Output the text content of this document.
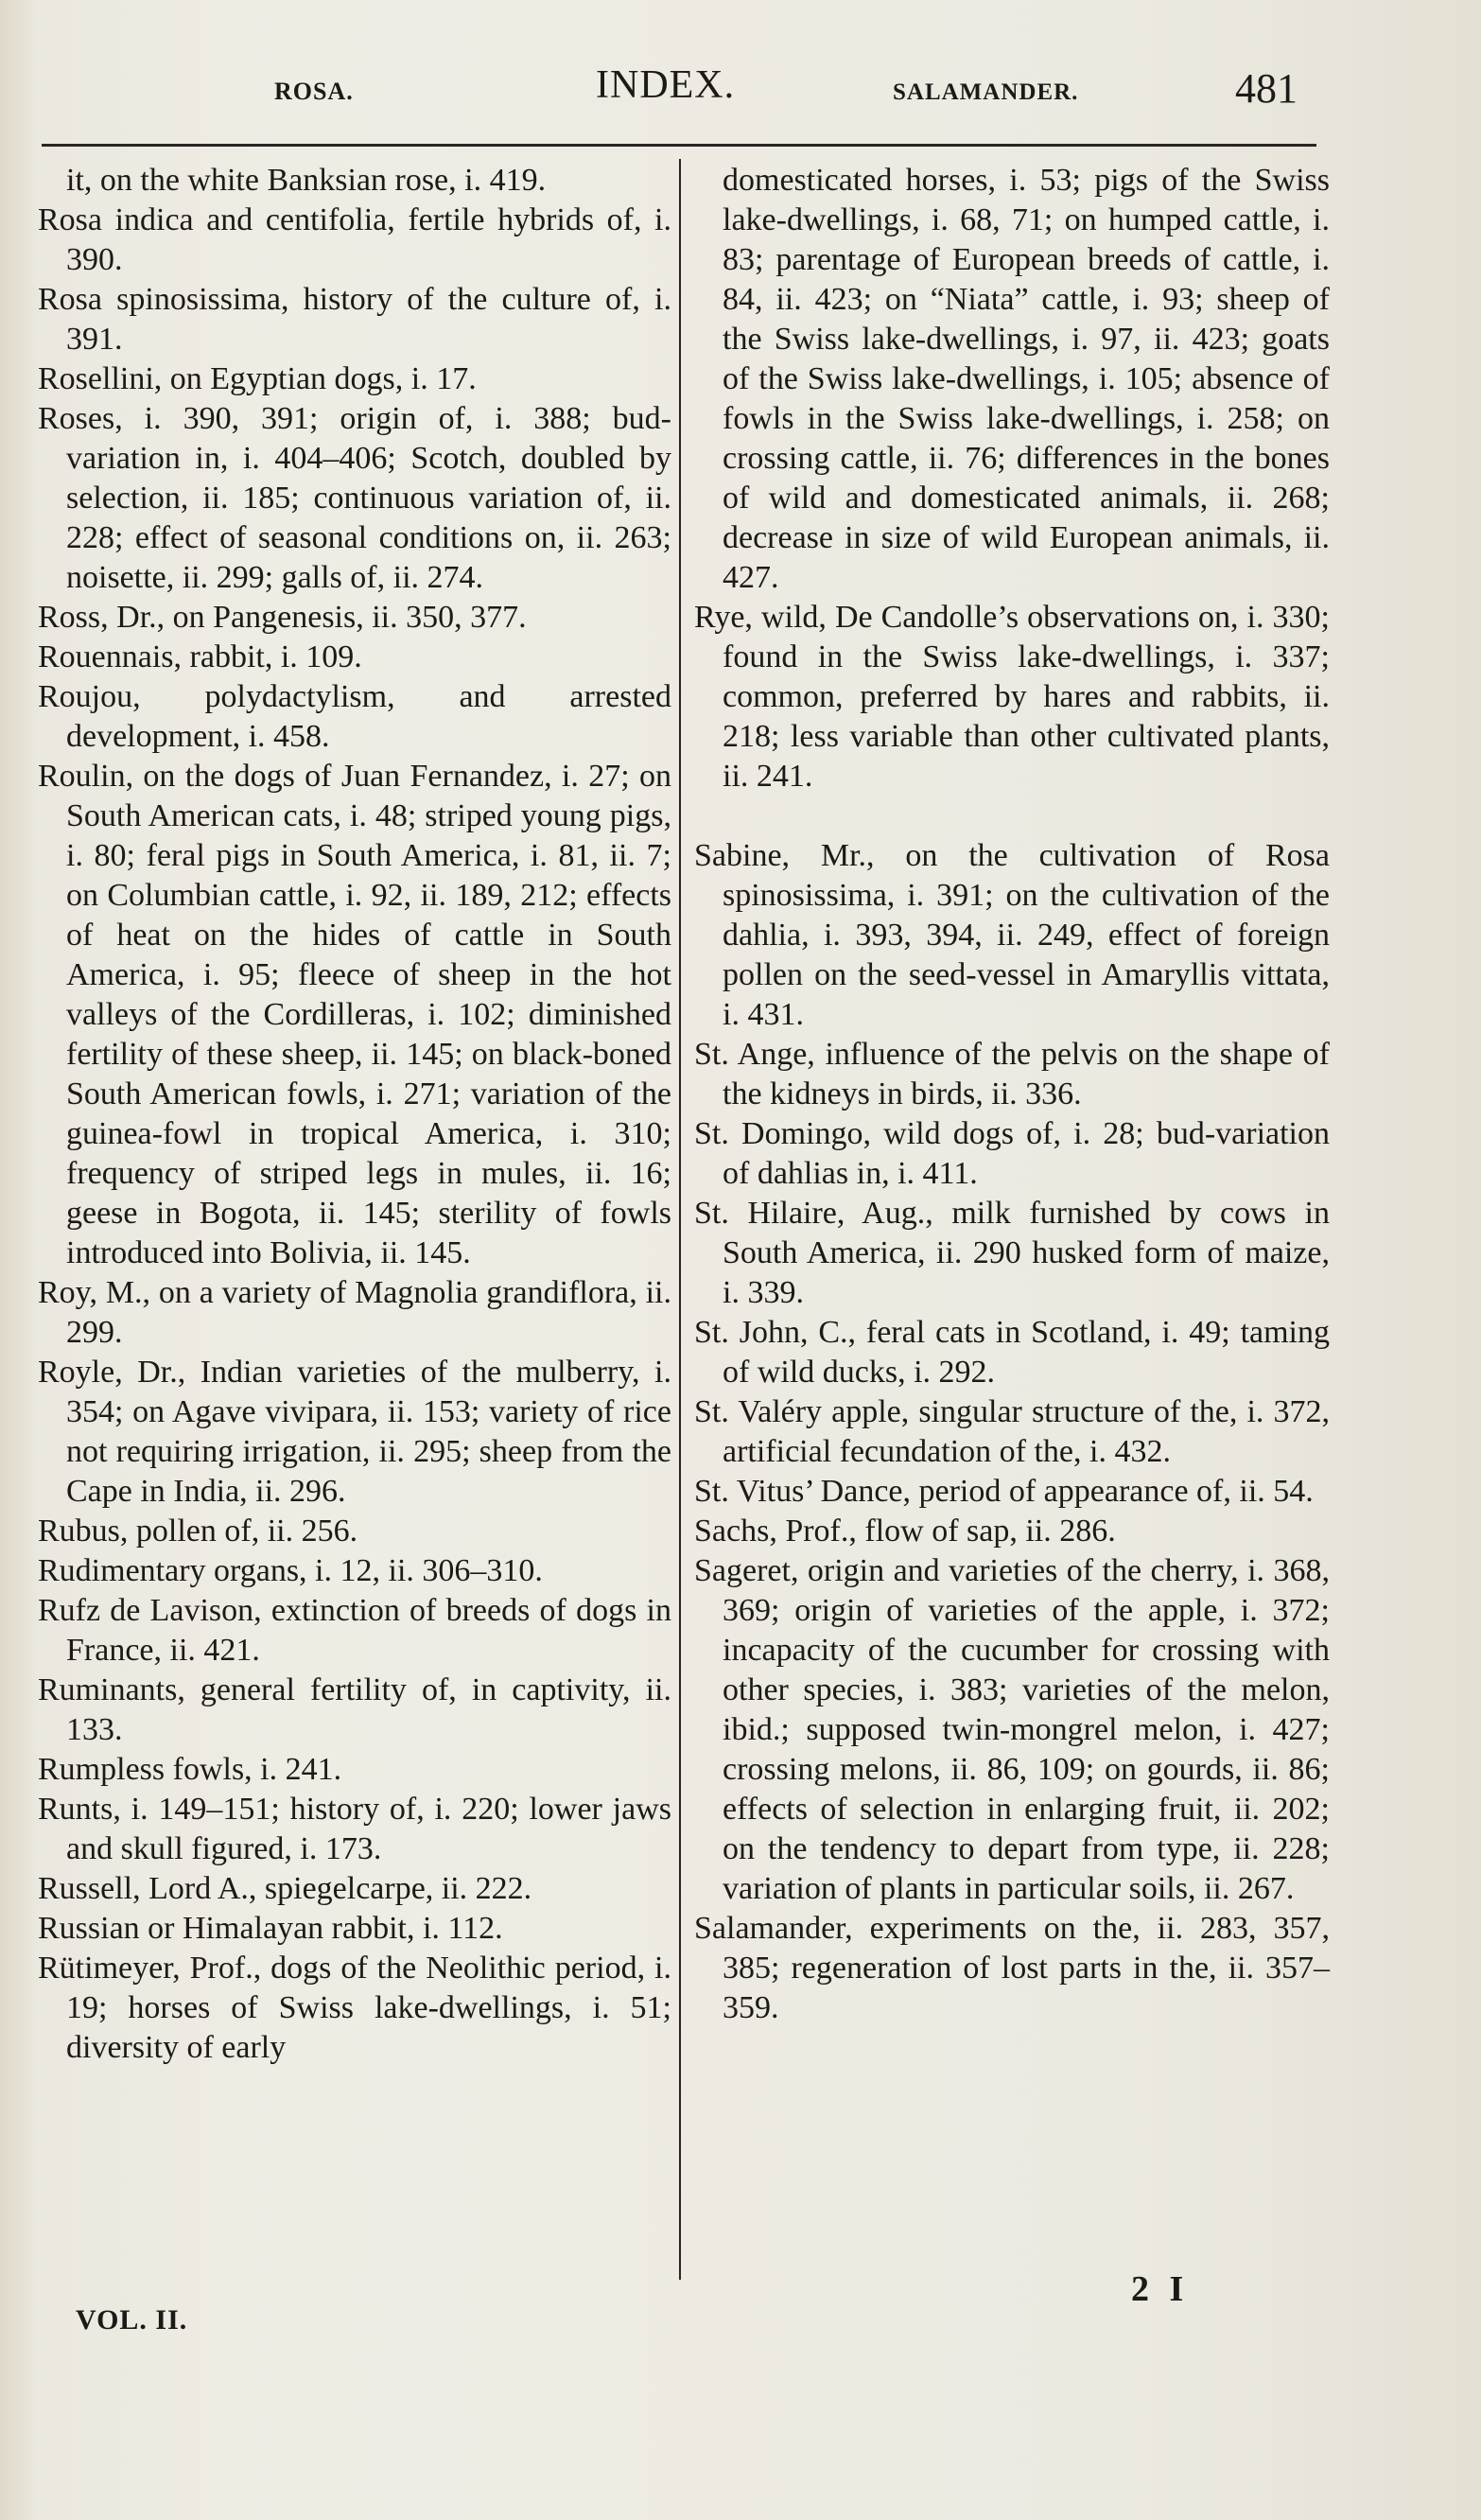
ROSA.	INDEX.	SALAMANDER.	481

it, on the white Banksian rose, i. 419.

Rosa indica and centifolia, fertile hybrids of, i. 390.

Rosa spinosissima, history of the culture of, i. 391.

Rosellini, on Egyptian dogs, i. 17.

Roses, i. 390, 391; origin of, i. 388; bud-variation in, i. 404–406; Scotch, doubled by selection, ii. 185; continuous variation of, ii. 228; effect of seasonal conditions on, ii. 263; noisette, ii. 299; galls of, ii. 274.

Ross, Dr., on Pangenesis, ii. 350, 377.

Rouennais, rabbit, i. 109.

Roujou, polydactylism, and arrested development, i. 458.

Roulin, on the dogs of Juan Fernandez, i. 27; on South American cats, i. 48; striped young pigs, i. 80; feral pigs in South America, i. 81, ii. 7; on Columbian cattle, i. 92, ii. 189, 212; effects of heat on the hides of cattle in South America, i. 95; fleece of sheep in the hot valleys of the Cordilleras, i. 102; diminished fertility of these sheep, ii. 145; on black-boned South American fowls, i. 271; variation of the guinea-fowl in tropical America, i. 310; frequency of striped legs in mules, ii. 16; geese in Bogota, ii. 145; sterility of fowls introduced into Bolivia, ii. 145.

Roy, M., on a variety of Magnolia grandiflora, ii. 299.

Royle, Dr., Indian varieties of the mulberry, i. 354; on Agave vivipara, ii. 153; variety of rice not requiring irrigation, ii. 295; sheep from the Cape in India, ii. 296.

Rubus, pollen of, ii. 256.

Rudimentary organs, i. 12, ii. 306–310.

Rufz de Lavison, extinction of breeds of dogs in France, ii. 421.

Ruminants, general fertility of, in captivity, ii. 133.

Rumpless fowls, i. 241.

Runts, i. 149–151; history of, i. 220; lower jaws and skull figured, i. 173.

Russell, Lord A., spiegelcarpe, ii. 222.

Russian or Himalayan rabbit, i. 112.

Rütimeyer, Prof., dogs of the Neolithic period, i. 19; horses of Swiss lake-dwellings, i. 51; diversity of early

domesticated horses, i. 53; pigs of the Swiss lake-dwellings, i. 68, 71; on humped cattle, i. 83; parentage of European breeds of cattle, i. 84, ii. 423; on “Niata” cattle, i. 93; sheep of the Swiss lake-dwellings, i. 97, ii. 423; goats of the Swiss lake-dwellings, i. 105; absence of fowls in the Swiss lake-dwellings, i. 258; on crossing cattle, ii. 76; differences in the bones of wild and domesticated animals, ii. 268; decrease in size of wild European animals, ii. 427.

Rye, wild, De Candolle’s observations on, i. 330; found in the Swiss lake-dwellings, i. 337; common, preferred by hares and rabbits, ii. 218; less variable than other cultivated plants, ii. 241.

Sabine, Mr., on the cultivation of Rosa spinosissima, i. 391; on the cultivation of the dahlia, i. 393, 394, ii. 249, effect of foreign pollen on the seed-vessel in Amaryllis vittata, i. 431.

St. Ange, influence of the pelvis on the shape of the kidneys in birds, ii. 336.

St. Domingo, wild dogs of, i. 28; bud-variation of dahlias in, i. 411.

St. Hilaire, Aug., milk furnished by cows in South America, ii. 290 husked form of maize, i. 339.

St. John, C., feral cats in Scotland, i. 49; taming of wild ducks, i. 292.

St. Valéry apple, singular structure of the, i. 372, artificial fecundation of the, i. 432.

St. Vitus’ Dance, period of appearance of, ii. 54.

Sachs, Prof., flow of sap, ii. 286.

Sageret, origin and varieties of the cherry, i. 368, 369; origin of varieties of the apple, i. 372; incapacity of the cucumber for crossing with other species, i. 383; varieties of the melon, ibid.; supposed twin-mongrel melon, i. 427; crossing melons, ii. 86, 109; on gourds, ii. 86; effects of selection in enlarging fruit, ii. 202; on the tendency to depart from type, ii. 228; variation of plants in particular soils, ii. 267.

Salamander, experiments on the, ii. 283, 357, 385; regeneration of lost parts in the, ii. 357–359.

VOL. II.
2 I
